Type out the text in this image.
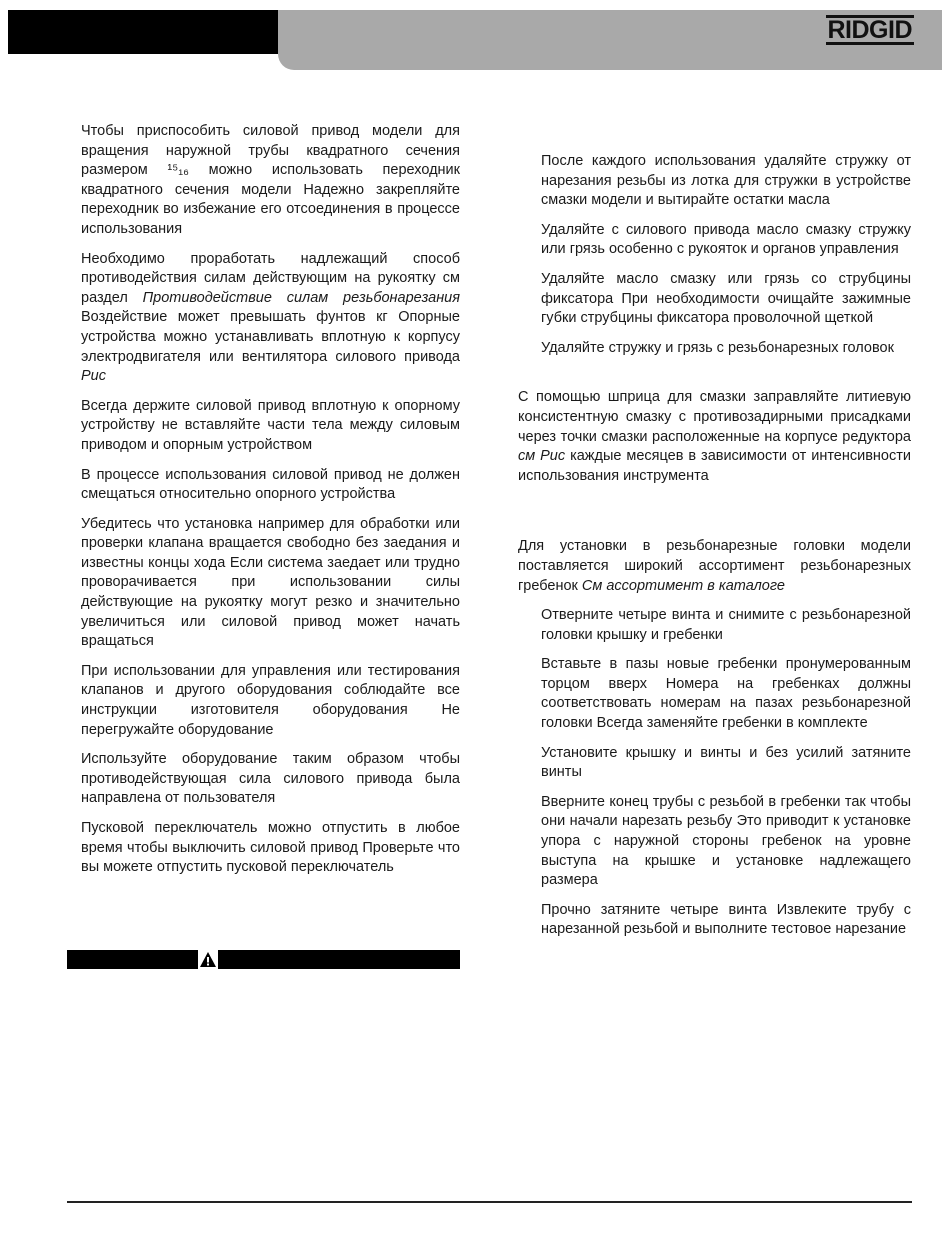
RIDGID

Чтобы приспособить силовой привод модели для вращения наружной трубы квадратного сечения размером ¹⁵₁₆ можно использовать переходник квадратного сечения модели Надежно закрепляйте переходник во избежание его отсоединения в процессе использования

Необходимо проработать надлежащий способ противодействия силам действующим на рукоятку см раздел Противодействие силам резьбонарезания Воздействие может превышать фунтов кг Опорные устройства можно устанавливать вплотную к корпусу электродвигателя или вентилятора силового привода Рис

Всегда держите силовой привод вплотную к опорному устройству не вставляйте части тела между силовым приводом и опорным устройством

В процессе использования силовой привод не должен смещаться относительно опорного устройства

Убедитесь что установка например для обработки или проверки клапана вращается свободно без заедания и известны концы хода Если система заедает или трудно проворачивается при использовании силы действующие на рукоятку могут резко и значительно увеличиться или силовой привод может начать вращаться

При использовании для управления или тестирования клапанов и другого оборудования соблюдайте все инструкции изготовителя оборудования Не перегружайте оборудование

Используйте оборудование таким образом чтобы противодействующая сила силового привода была направлена от пользователя

Пусковой переключатель можно отпустить в любое время чтобы выключить силовой привод Проверьте что вы можете отпустить пусковой переключатель

После каждого использования удаляйте стружку от нарезания резьбы из лотка для стружки в устройстве смазки модели и вытирайте остатки масла

Удаляйте с силового привода масло смазку стружку или грязь особенно с рукояток и органов управления

Удаляйте масло смазку или грязь со струбцины фиксатора При необходимости очищайте зажимные губки струбцины фиксатора проволочной щеткой

Удаляйте стружку и грязь с резьбонарезных головок

С помощью шприца для смазки заправляйте литиевую консистентную смазку с противозадирными присадками через точки смазки расположенные на корпусе редуктора см Рис каждые месяцев в зависимости от интенсивности использования инструмента

Для установки в резьбонарезные головки модели поставляется широкий ассортимент резьбонарезных гребенок См ассортимент в каталоге

Отверните четыре винта и снимите с резьбонарезной головки крышку и гребенки

Вставьте в пазы новые гребенки пронумерованным торцом вверх Номера на гребенках должны соответствовать номерам на пазах резьбонарезной головки Всегда заменяйте гребенки в комплекте

Установите крышку и винты и без усилий затяните винты

Вверните конец трубы с резьбой в гребенки так чтобы они начали нарезать резьбу Это приводит к установке упора с наружной стороны гребенок на уровне выступа на крышке и установке надлежащего размера

Прочно затяните четыре винта Извлеките трубу с нарезанной резьбой и выполните тестовое нарезание
